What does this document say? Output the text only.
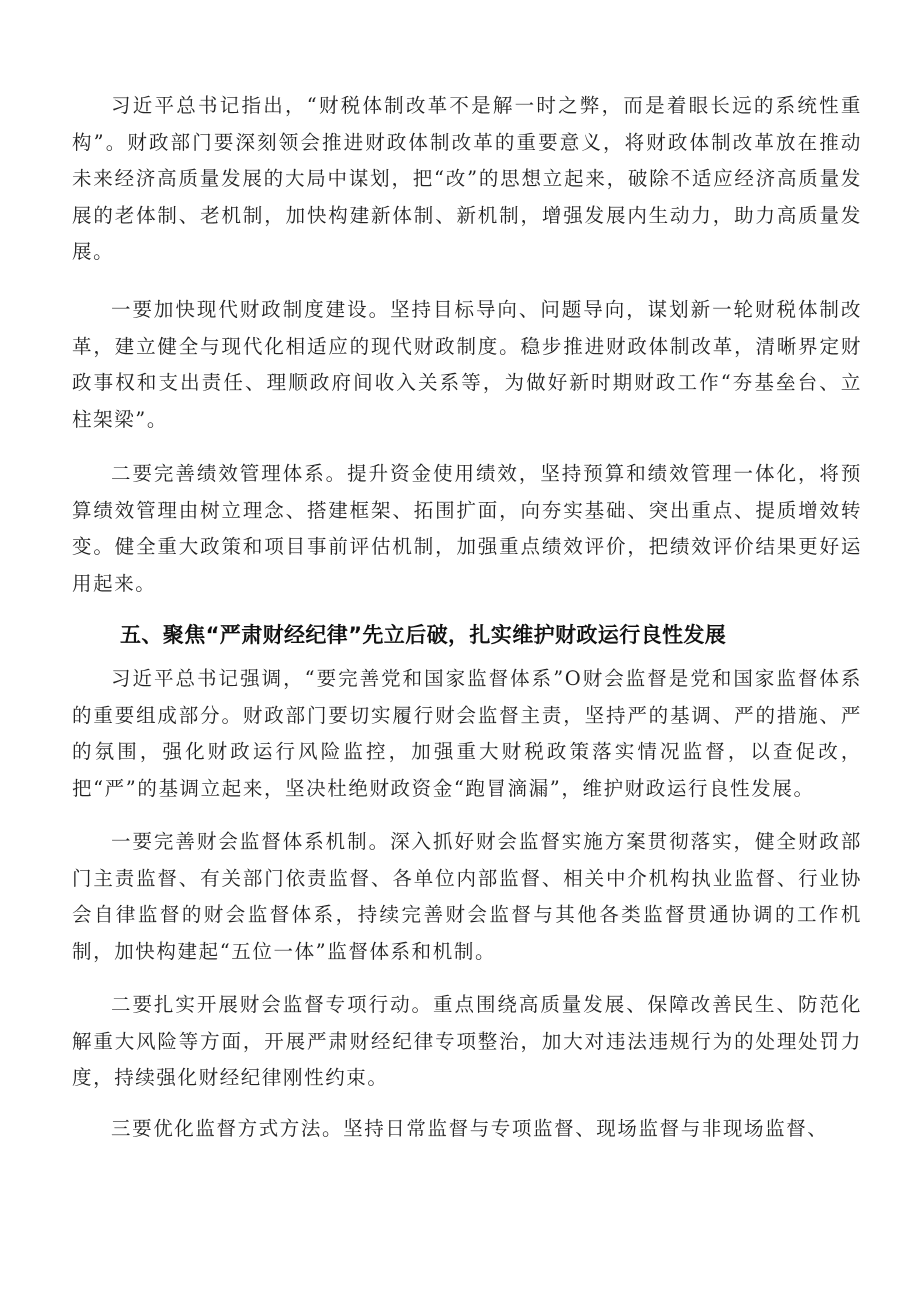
习近平总书记指出，“财税体制改革不是解一时之弊，而是着眼长远的系统性重构”。财政部门要深刻领会推进财政体制改革的重要意义，将财政体制改革放在推动未来经济高质量发展的大局中谋划，把“改”的思想立起来，破除不适应经济高质量发展的老体制、老机制，加快构建新体制、新机制，增强发展内生动力，助力高质量发展。

一要加快现代财政制度建设。坚持目标导向、问题导向，谋划新一轮财税体制改革，建立健全与现代化相适应的现代财政制度。稳步推进财政体制改革，清晰界定财政事权和支出责任、理顺政府间收入关系等，为做好新时期财政工作“夯基垒台、立柱架梁”。

二要完善绩效管理体系。提升资金使用绩效，坚持预算和绩效管理一体化，将预算绩效管理由树立理念、搭建框架、拓围扩面，向夯实基础、突出重点、提质增效转变。健全重大政策和项目事前评估机制，加强重点绩效评价，把绩效评价结果更好运用起来。

五、聚焦“严肃财经纪律”先立后破，扎实维护财政运行良性发展

习近平总书记强调，“要完善党和国家监督体系”O财会监督是党和国家监督体系的重要组成部分。财政部门要切实履行财会监督主责，坚持严的基调、严的措施、严的氛围，强化财政运行风险监控，加强重大财税政策落实情况监督，以查促改，把“严”的基调立起来，坚决杜绝财政资金“跑冒滴漏”，维护财政运行良性发展。

一要完善财会监督体系机制。深入抓好财会监督实施方案贯彻落实，健全财政部门主责监督、有关部门依责监督、各单位内部监督、相关中介机构执业监督、行业协会自律监督的财会监督体系，持续完善财会监督与其他各类监督贯通协调的工作机制，加快构建起“五位一体”监督体系和机制。

二要扎实开展财会监督专项行动。重点围绕高质量发展、保障改善民生、防范化解重大风险等方面，开展严肃财经纪律专项整治，加大对违法违规行为的处理处罚力度，持续强化财经纪律刚性约束。

三要优化监督方式方法。坚持日常监督与专项监督、现场监督与非现场监督、
